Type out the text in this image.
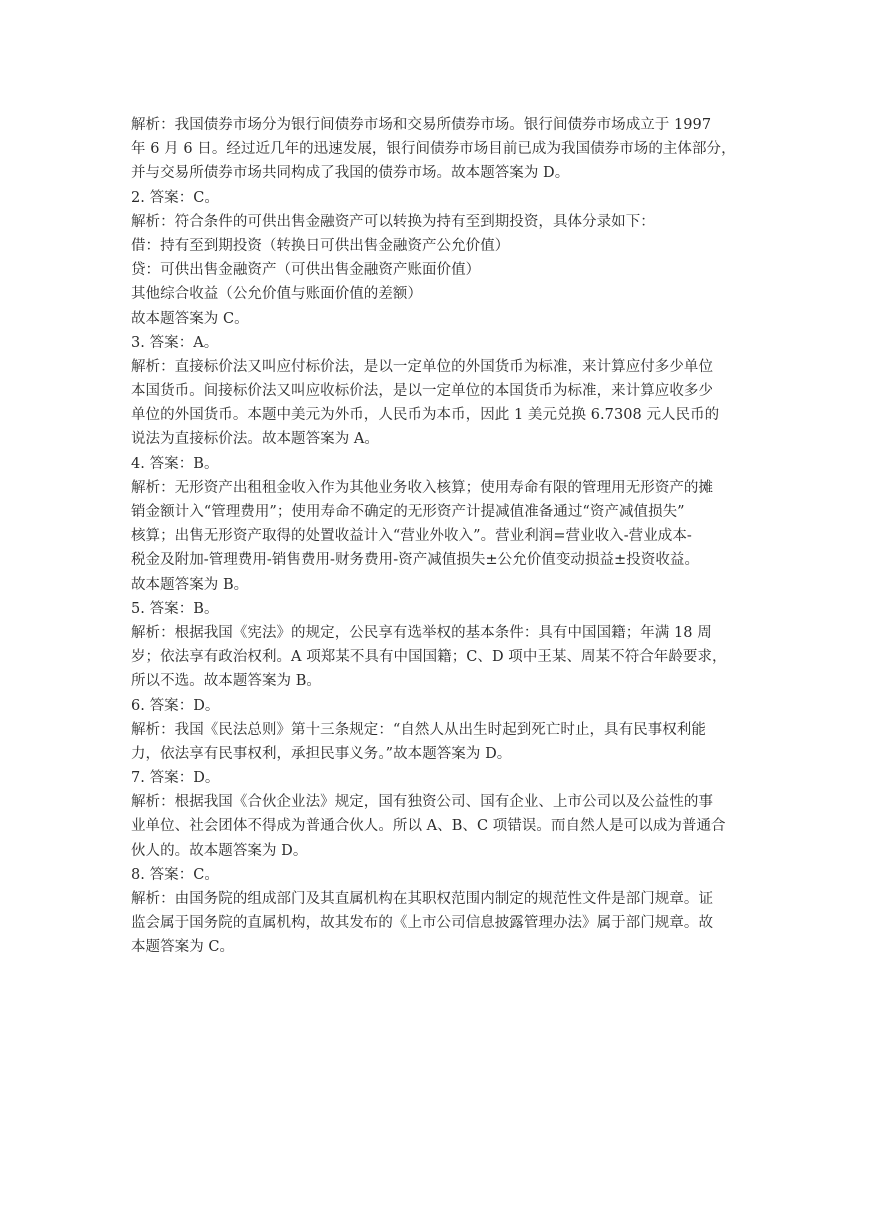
解析：我国债券市场分为银行间债券市场和交易所债券市场。银行间债券市场成立于 1997
年 6 月 6 日。经过近几年的迅速发展，银行间债券市场目前已成为我国债券市场的主体部分，
并与交易所债券市场共同构成了我国的债券市场。故本题答案为 D。
2. 答案：C。
解析：符合条件的可供出售金融资产可以转换为持有至到期投资，具体分录如下：
借：持有至到期投资（转换日可供出售金融资产公允价值）
贷：可供出售金融资产（可供出售金融资产账面价值）
其他综合收益（公允价值与账面价值的差额）
故本题答案为 C。
3. 答案：A。
解析：直接标价法又叫应付标价法，是以一定单位的外国货币为标准，来计算应付多少单位
本国货币。间接标价法又叫应收标价法，是以一定单位的本国货币为标准，来计算应收多少
单位的外国货币。本题中美元为外币，人民币为本币，因此 1 美元兑换 6.7308 元人民币的
说法为直接标价法。故本题答案为 A。
4. 答案：B。
解析：无形资产出租租金收入作为其他业务收入核算；使用寿命有限的管理用无形资产的摊
销金额计入“管理费用”；使用寿命不确定的无形资产计提减值准备通过“资产减值损失”
核算；出售无形资产取得的处置收益计入“营业外收入”。营业利润=营业收入-营业成本-
税金及附加-管理费用-销售费用-财务费用-资产减值损失±公允价值变动损益±投资收益。
故本题答案为 B。
5. 答案：B。
解析：根据我国《宪法》的规定，公民享有选举权的基本条件：具有中国国籍；年满 18 周
岁；依法享有政治权利。A 项郑某不具有中国国籍；C、D 项中王某、周某不符合年龄要求，
所以不选。故本题答案为 B。
6. 答案：D。
解析：我国《民法总则》第十三条规定：“自然人从出生时起到死亡时止，具有民事权利能
力，依法享有民事权利，承担民事义务。”故本题答案为 D。
7. 答案：D。
解析：根据我国《合伙企业法》规定，国有独资公司、国有企业、上市公司以及公益性的事
业单位、社会团体不得成为普通合伙人。所以 A、B、C 项错误。而自然人是可以成为普通合
伙人的。故本题答案为 D。
8. 答案：C。
解析：由国务院的组成部门及其直属机构在其职权范围内制定的规范性文件是部门规章。证
监会属于国务院的直属机构，故其发布的《上市公司信息披露管理办法》属于部门规章。故
本题答案为 C。
